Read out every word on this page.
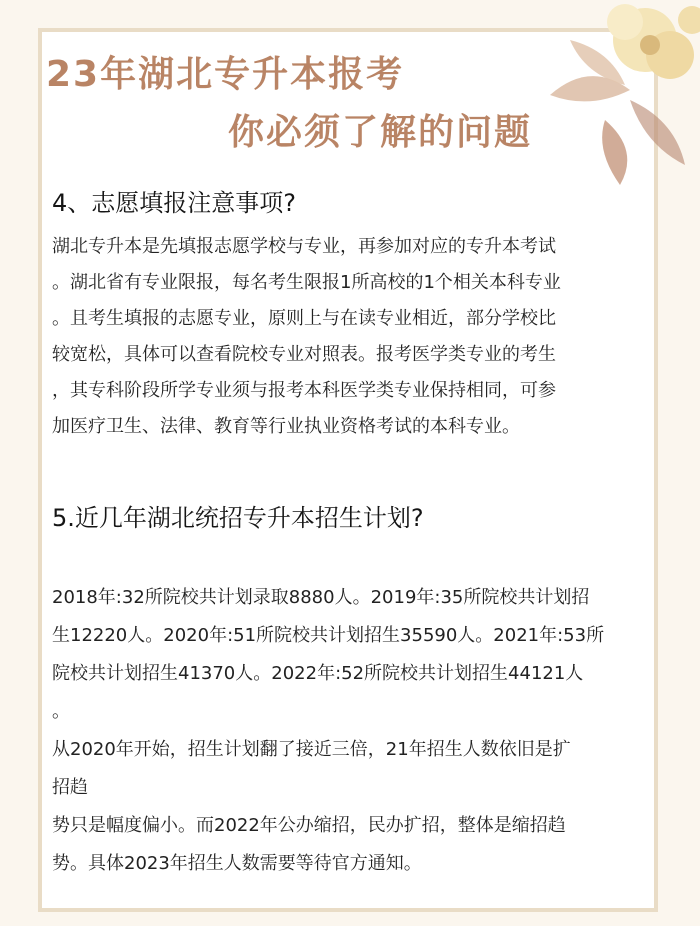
23年湖北专升本报考
你必须了解的问题
4、志愿填报注意事项?
湖北专升本是先填报志愿学校与专业，再参加对应的专升本考试
。湖北省有专业限报，每名考生限报1所高校的1个相关本科专业
。且考生填报的志愿专业，原则上与在读专业相近，部分学校比
较宽松，具体可以查看院校专业对照表。报考医学类专业的考生
，其专科阶段所学专业须与报考本科医学类专业保持相同，可参
加医疗卫生、法律、教育等行业执业资格考试的本科专业。
5.近几年湖北统招专升本招生计划?
2018年:32所院校共计划录取8880人。2019年:35所院校共计划招
生12220人。2020年:51所院校共计划招生35590人。2021年:53所
院校共计划招生41370人。2022年:52所院校共计划招生44121人
。
从2020年开始，招生计划翻了接近三倍，21年招生人数依旧是扩
招趋
势只是幅度偏小。而2022年公办缩招，民办扩招，整体是缩招趋
势。具体2023年招生人数需要等待官方通知。
